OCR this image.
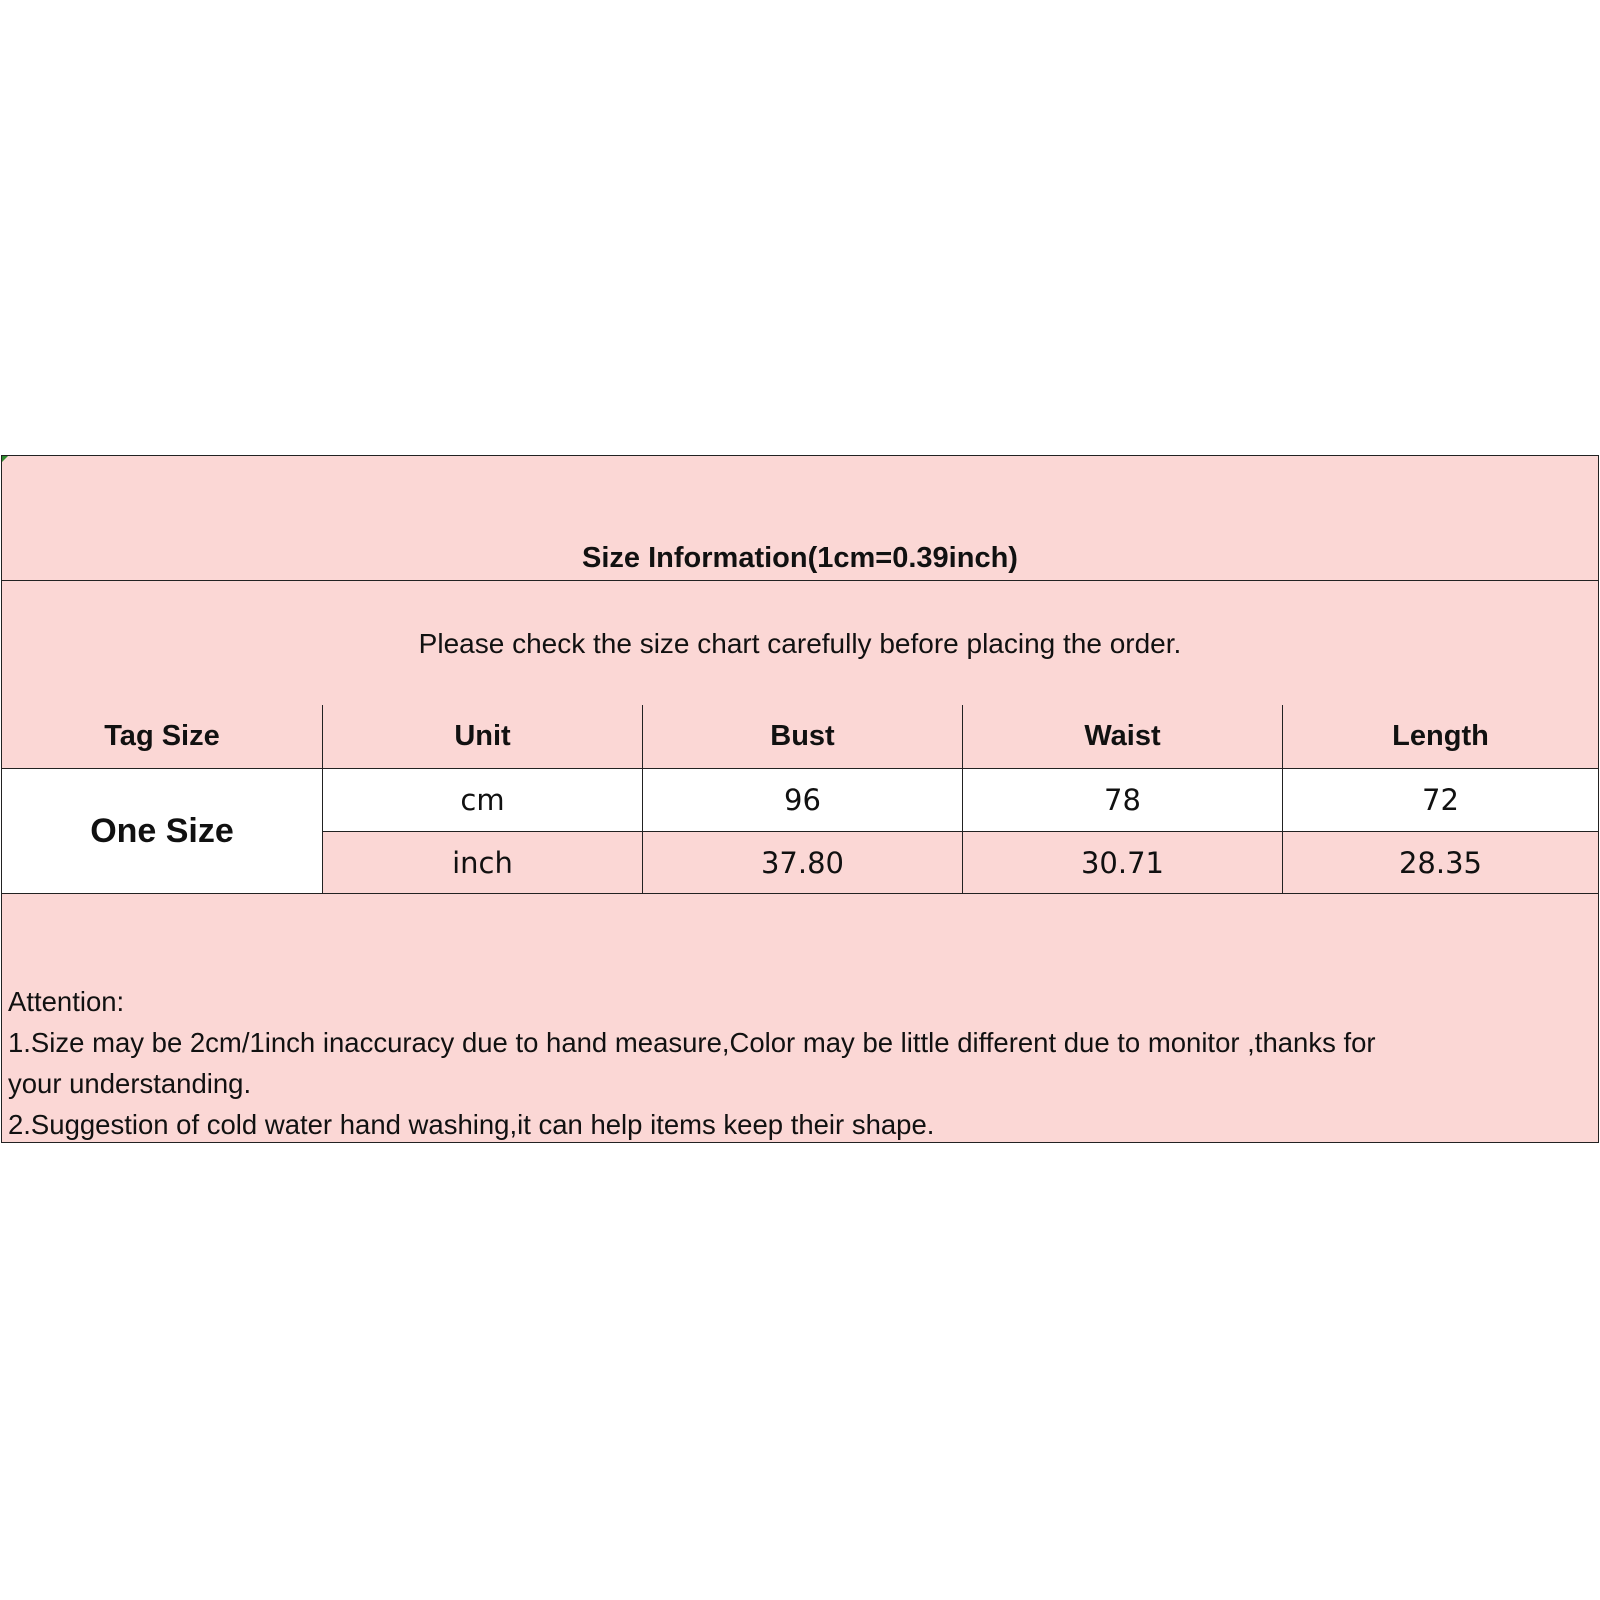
Size Information(1cm=0.39inch)
Please check the size chart carefully before placing the order.
Tag Size	Unit	Bust	Waist	Length
One Size
cm	96	78	72
inch	37.80	30.71	28.35
Attention:
1.Size may be 2cm/1inch inaccuracy due to hand measure,Color may be little different due to monitor ,thanks for
your understanding.
2.Suggestion of cold water hand washing,it can help items keep their shape.
